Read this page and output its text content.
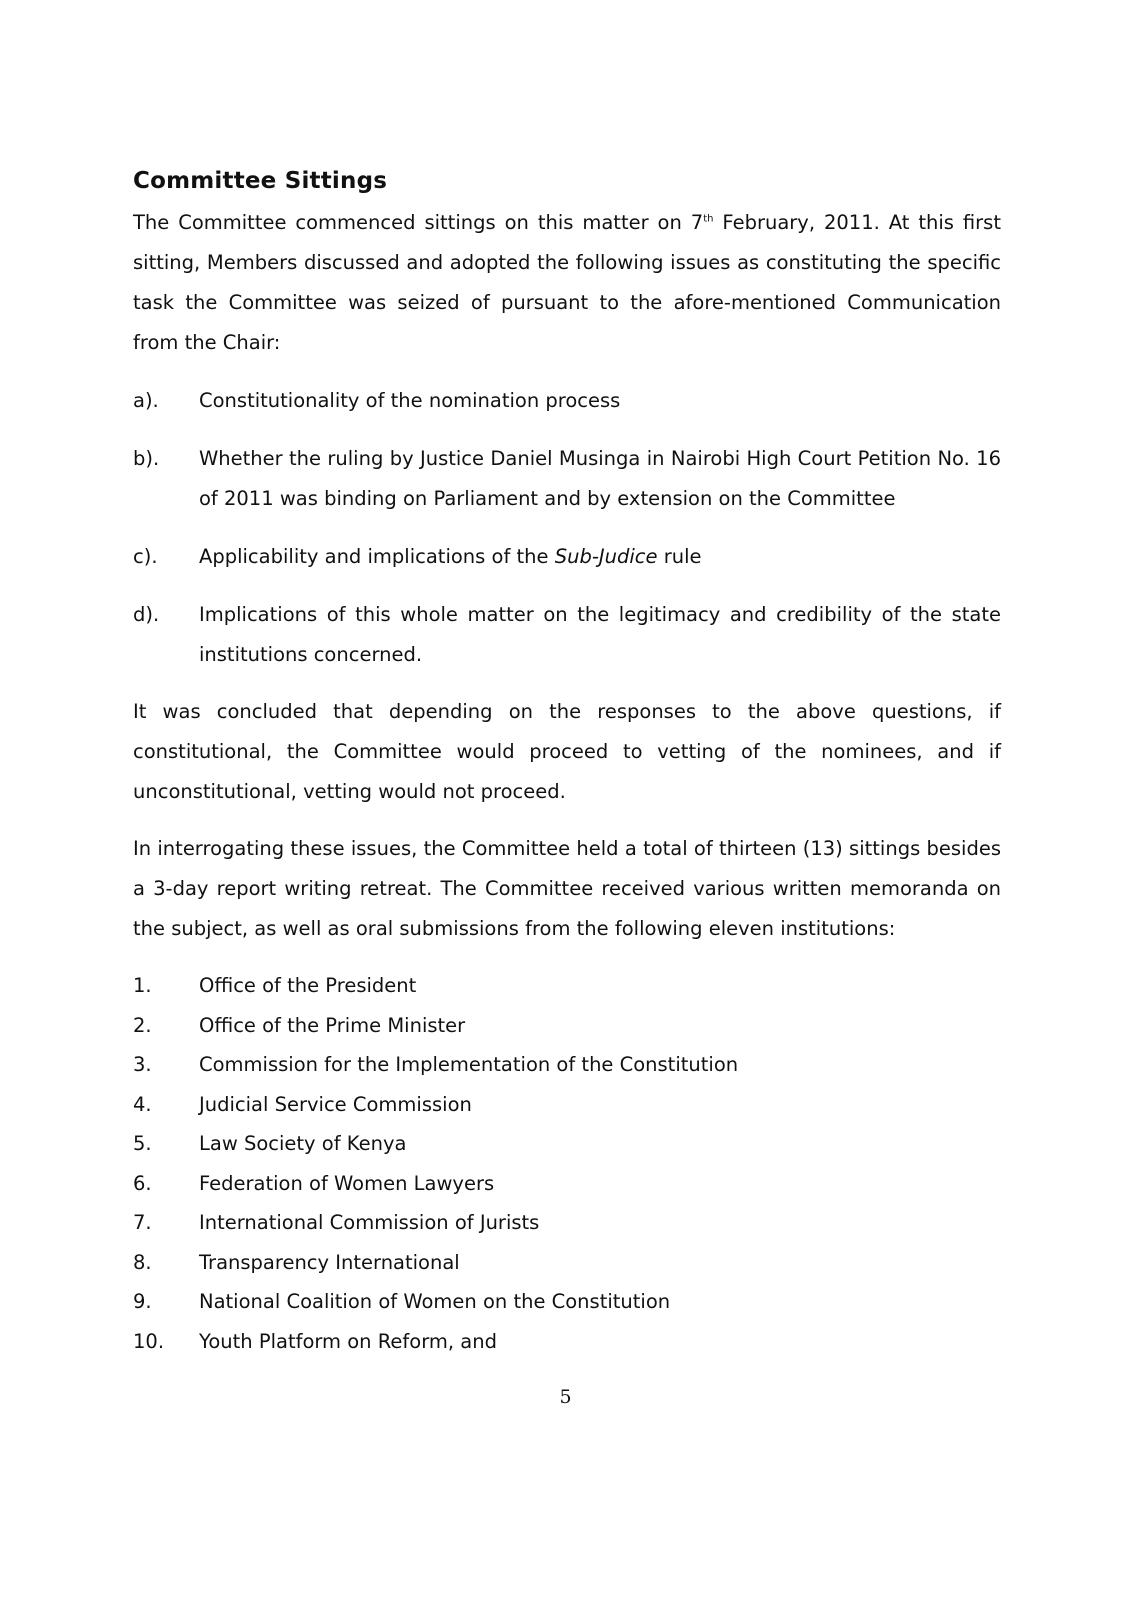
Committee Sittings

The Committee commenced sittings on this matter on 7th February, 2011. At this first sitting, Members discussed and adopted the following issues as constituting the specific task the Committee was seized of pursuant to the afore-mentioned Communication from the Chair:

a).	Constitutionality of the nomination process
b).	Whether the ruling by Justice Daniel Musinga in Nairobi High Court Petition No. 16 of 2011 was binding on Parliament and by extension on the Committee
c).	Applicability and implications of the Sub-Judice rule
d).	Implications of this whole matter on the legitimacy and credibility of the state institutions concerned.

It was concluded that depending on the responses to the above questions, if constitutional, the Committee would proceed to vetting of the nominees, and if unconstitutional, vetting would not proceed.

In interrogating these issues, the Committee held a total of thirteen (13) sittings besides a 3-day report writing retreat. The Committee received various written memoranda on the subject, as well as oral submissions from the following eleven institutions:

1.	Office of the President
2.	Office of the Prime Minister
3.	Commission for the Implementation of the Constitution
4.	Judicial Service Commission
5.	Law Society of Kenya
6.	Federation of Women Lawyers
7.	International Commission of Jurists
8.	Transparency International
9.	National Coalition of Women on the Constitution
10.	Youth Platform on Reform, and
5
